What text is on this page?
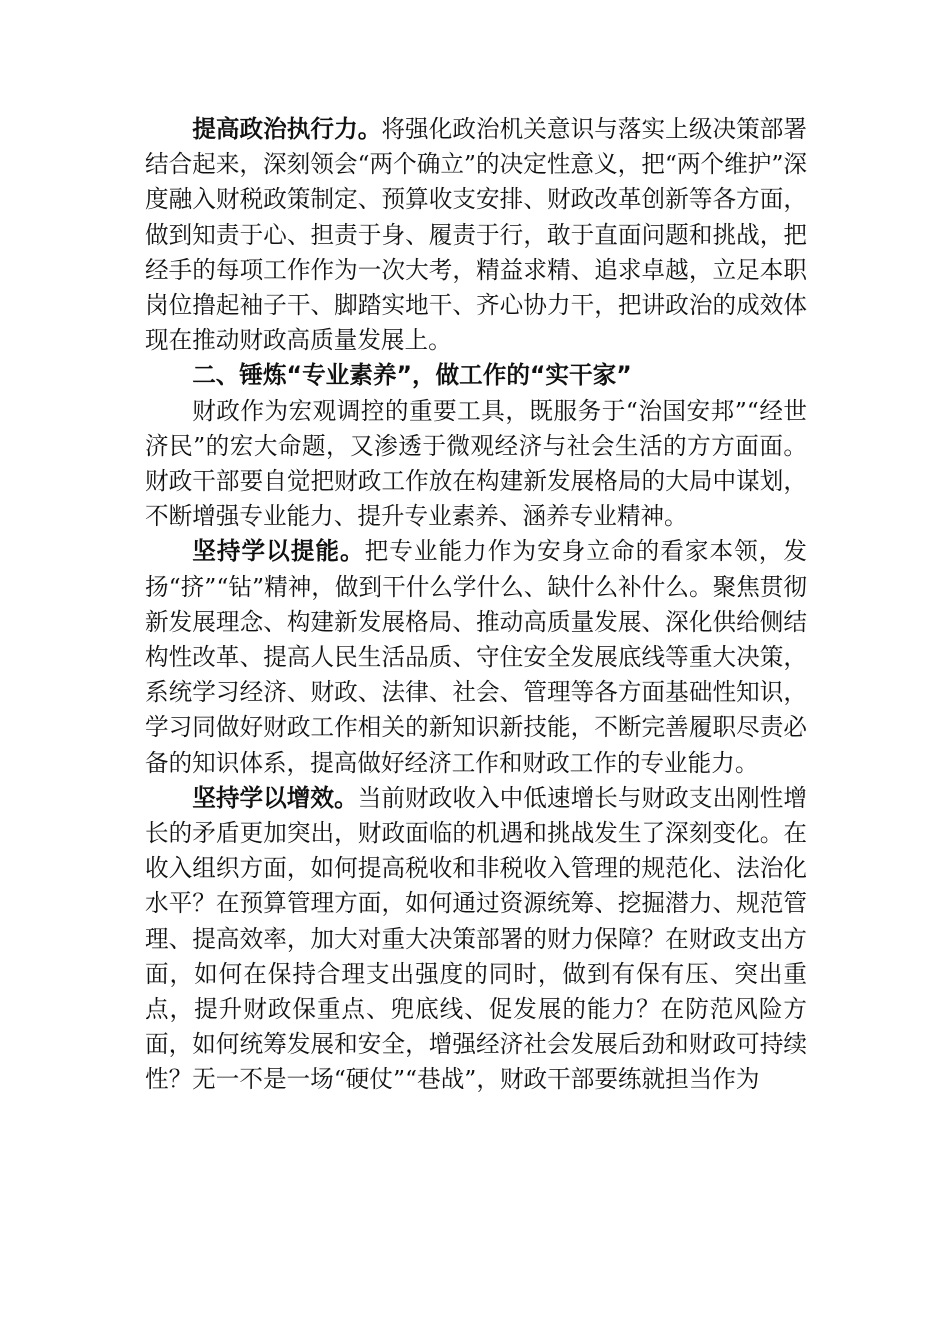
提高政治执行力。将强化政治机关意识与落实上级决策部署结合起来，深刻领会“两个确立”的决定性意义，把“两个维护”深度融入财税政策制定、预算收支安排、财政改革创新等各方面，做到知责于心、担责于身、履责于行，敢于直面问题和挑战，把经手的每项工作作为一次大考，精益求精、追求卓越，立足本职岗位撸起袖子干、脚踏实地干、齐心协力干，把讲政治的成效体现在推动财政高质量发展上。

二、锤炼“专业素养”，做工作的“实干家”

财政作为宏观调控的重要工具，既服务于“治国安邦”“经世济民”的宏大命题，又渗透于微观经济与社会生活的方方面面。财政干部要自觉把财政工作放在构建新发展格局的大局中谋划，不断增强专业能力、提升专业素养、涵养专业精神。

坚持学以提能。把专业能力作为安身立命的看家本领，发扬“挤”“钻”精神，做到干什么学什么、缺什么补什么。聚焦贯彻新发展理念、构建新发展格局、推动高质量发展、深化供给侧结构性改革、提高人民生活品质、守住安全发展底线等重大决策，系统学习经济、财政、法律、社会、管理等各方面基础性知识，学习同做好财政工作相关的新知识新技能，不断完善履职尽责必备的知识体系，提高做好经济工作和财政工作的专业能力。

坚持学以增效。当前财政收入中低速增长与财政支出刚性增长的矛盾更加突出，财政面临的机遇和挑战发生了深刻变化。在收入组织方面，如何提高税收和非税收入管理的规范化、法治化水平？在预算管理方面，如何通过资源统筹、挖掘潜力、规范管理、提高效率，加大对重大决策部署的财力保障？在财政支出方面，如何在保持合理支出强度的同时，做到有保有压、突出重点，提升财政保重点、兜底线、促发展的能力？在防范风险方面，如何统筹发展和安全，增强经济社会发展后劲和财政可持续性？无一不是一场“硬仗”“巷战”，财政干部要练就担当作为
